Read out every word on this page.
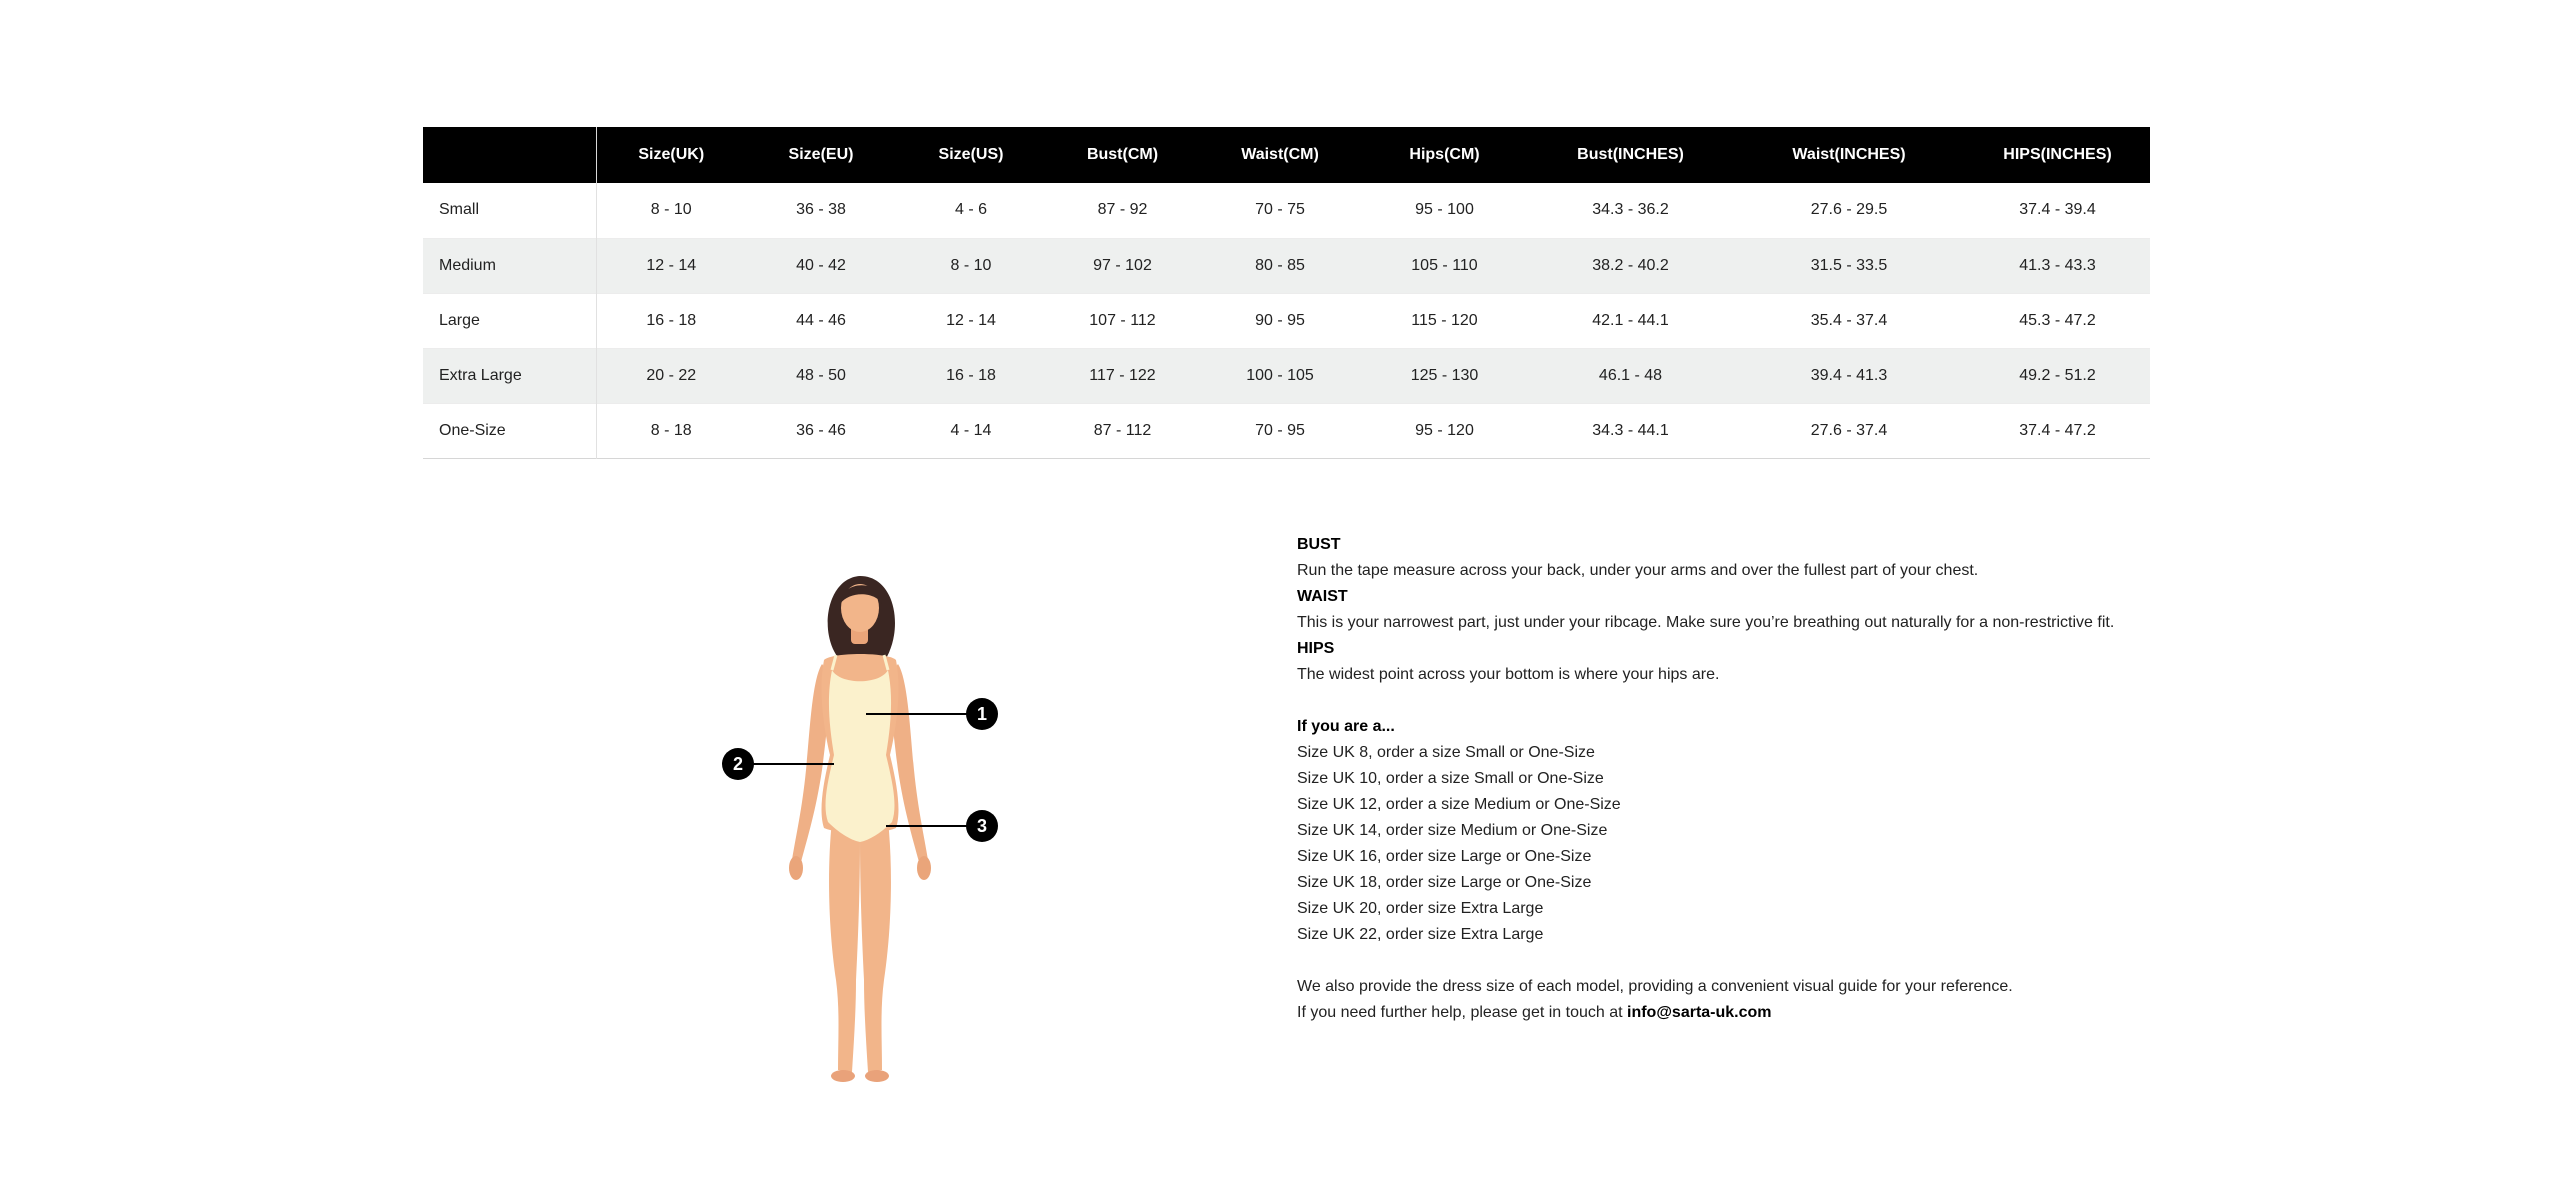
	Size(UK)	Size(EU)	Size(US)	Bust(CM)	Waist(CM)	Hips(CM)	Bust(INCHES)	Waist(INCHES)	HIPS(INCHES)
Small	8 - 10	36 - 38	4 - 6	87 - 92	70 - 75	95 - 100	34.3 - 36.2	27.6 - 29.5	37.4 - 39.4
Medium	12 - 14	40 - 42	8 - 10	97 - 102	80 - 85	105 - 110	38.2 - 40.2	31.5 - 33.5	41.3 - 43.3
Large	16 - 18	44 - 46	12 - 14	107 - 112	90 - 95	115 - 120	42.1 - 44.1	35.4 - 37.4	45.3 - 47.2
Extra Large	20 - 22	48 - 50	16 - 18	117 - 122	100 - 105	125 - 130	46.1 - 48	39.4 - 41.3	49.2 - 51.2
One-Size	8 - 18	36 - 46	4 - 14	87 - 112	70 - 95	95 - 120	34.3 - 44.1	27.6 - 37.4	37.4 - 47.2
1
2
3
BUST
Run the tape measure across your back, under your arms and over the fullest part of your chest.
WAIST
This is your narrowest part, just under your ribcage. Make sure you’re breathing out naturally for a non-restrictive fit.
HIPS
The widest point across your bottom is where your hips are.
If you are a...
Size UK 8, order a size Small or One-Size
Size UK 10, order a size Small or One-Size
Size UK 12, order a size Medium or One-Size
Size UK 14, order size Medium or One-Size
Size UK 16, order size Large or One-Size
Size UK 18, order size Large or One-Size
Size UK 20, order size Extra Large
Size UK 22, order size Extra Large
We also provide the dress size of each model, providing a convenient visual guide for your reference.
If you need further help, please get in touch at info@sarta-uk.com
